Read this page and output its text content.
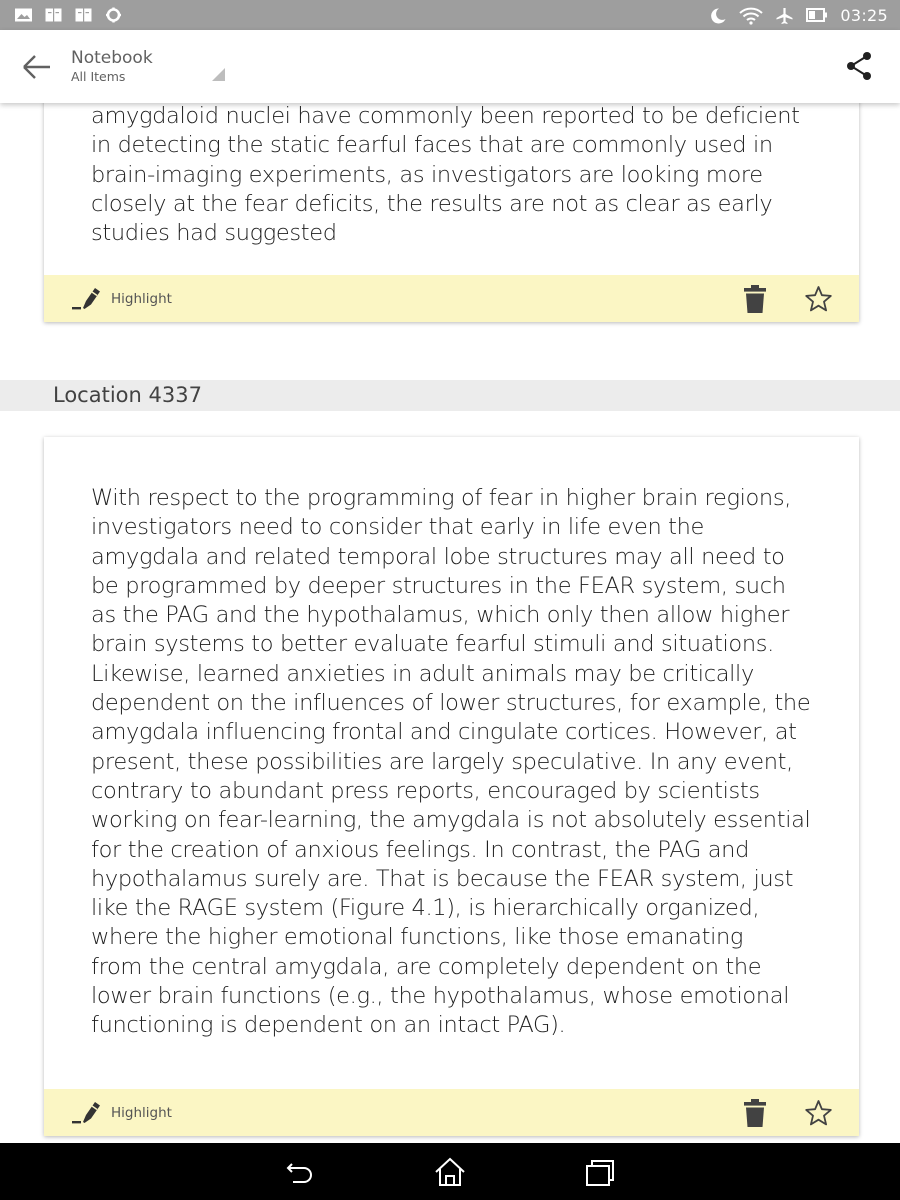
03:25

amygdaloid nuclei have commonly been reported to be deficient
in detecting the static fearful faces that are commonly used in
brain-imaging experiments, as investigators are looking more
closely at the fear deficits, the results are not as clear as early
studies had suggested

Highlight
Location 4337

With respect to the programming of fear in higher brain regions,
investigators need to consider that early in life even the
amygdala and related temporal lobe structures may all need to
be programmed by deeper structures in the FEAR system, such
as the PAG and the hypothalamus, which only then allow higher
brain systems to better evaluate fearful stimuli and situations.
Likewise, learned anxieties in adult animals may be critically
dependent on the influences of lower structures, for example, the
amygdala influencing frontal and cingulate cortices. However, at
present, these possibilities are largely speculative. In any event,
contrary to abundant press reports, encouraged by scientists
working on fear-learning, the amygdala is not absolutely essential
for the creation of anxious feelings. In contrast, the PAG and
hypothalamus surely are. That is because the FEAR system, just
like the RAGE system (Figure 4.1), is hierarchically organized,
where the higher emotional functions, like those emanating
from the central amygdala, are completely dependent on the
lower brain functions (e.g., the hypothalamus, whose emotional
functioning is dependent on an intact PAG).

Highlight
Notebook
All Items
